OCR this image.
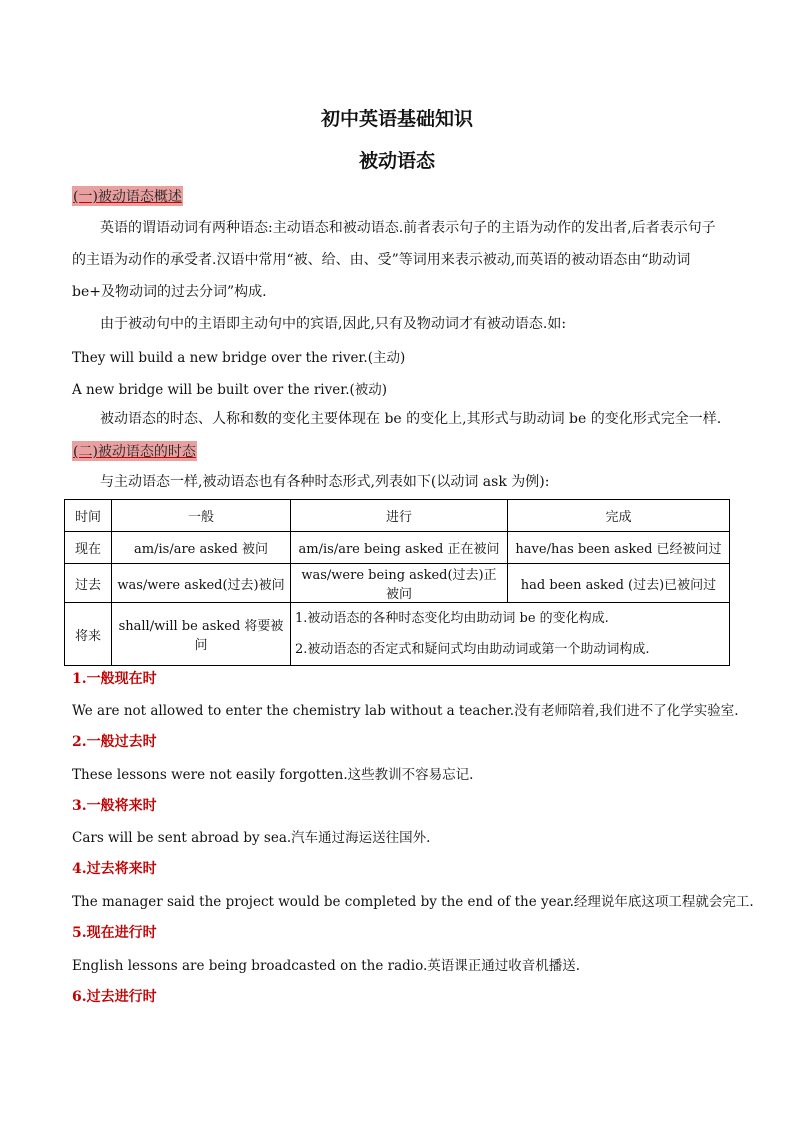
初中英语基础知识
被动语态
(一)被动语态概述
英语的谓语动词有两种语态:主动语态和被动语态.前者表示句子的主语为动作的发出者,后者表示句子的主语为动作的承受者.汉语中常用“被、给、由、受”等词用来表示被动,而英语的被动语态由“助动词 be+及物动词的过去分词”构成.
由于被动句中的主语即主动句中的宾语,因此,只有及物动词才有被动语态.如:
They will build a new bridge over the river.(主动)
A new bridge will be built over the river.(被动)
被动语态的时态、人称和数的变化主要体现在 be 的变化上,其形式与助动词 be 的变化形式完全一样.
(二)被动语态的时态
与主动语态一样,被动语态也有各种时态形式,列表如下(以动词 ask 为例):
时间	一般	进行	完成
现在	am/is/are asked 被问	am/is/are being asked 正在被问	have/has been asked 已经被问过
过去	was/were asked(过去)被问	was/were being asked(过去)正被问	had been asked (过去)已被问过
将来	shall/will be asked 将要被问	1.被动语态的各种时态变化均由助动词 be 的变化构成.
2.被动语态的否定式和疑问式均由助动词或第一个助动词构成.	
1.一般现在时
We are not allowed to enter the chemistry lab without a teacher.没有老师陪着,我们进不了化学实验室.
2.一般过去时
These lessons were not easily forgotten.这些教训不容易忘记.
3.一般将来时
Cars will be sent abroad by sea.汽车通过海运送往国外.
4.过去将来时
The manager said the project would be completed by the end of the year.经理说年底这项工程就会完工.
5.现在进行时
English lessons are being broadcasted on the radio.英语课正通过收音机播送.
6.过去进行时
